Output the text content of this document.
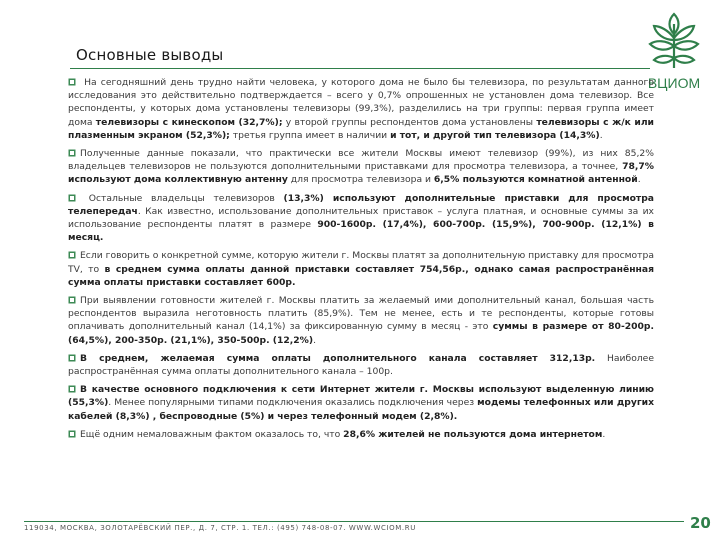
Основные выводы
ВЦИОМ

На сегодняшний день трудно найти человека, у которого дома не было бы телевизора, по результатам данного исследования это действительно подтверждается – всего у 0,7% опрошенных не установлен дома телевизор. Все респонденты, у которых дома установлены телевизоры (99,3%), разделились на три группы: первая группа имеет дома телевизоры с кинескопом (32,7%); у второй группы респондентов дома установлены телевизоры с ж/к или плазменным экраном (52,3%); третья группа имеет в наличии и тот, и другой тип телевизора (14,3%).

Полученные данные показали, что практически все жители Москвы имеют телевизор (99%), из них 85,2% владельцев телевизоров не пользуются дополнительными приставками для просмотра телевизора, а точнее, 78,7% используют дома коллективную антенну для просмотра телевизора и 6,5% пользуются комнатной антенной.

Остальные владельцы телевизоров (13,3%) используют дополнительные приставки для просмотра телепередач. Как известно, использование дополнительных приставок – услуга платная, и основные суммы за их использование респонденты платят в размере 900-1600р. (17,4%), 600-700р. (15,9%), 700-900р. (12,1%) в месяц.

Если говорить о конкретной сумме, которую жители г. Москвы платят за дополнительную приставку для просмотра TV, то в среднем сумма оплаты данной приставки составляет 754,56р., однако самая распространённая сумма оплаты приставки составляет 600р.

При выявлении готовности жителей г. Москвы платить за желаемый ими дополнительный канал, большая часть респондентов выразила неготовность платить (85,9%). Тем не менее, есть и те респонденты, которые готовы оплачивать дополнительный канал (14,1%) за фиксированную сумму в месяц - это суммы в размере от 80-200р. (64,5%), 200-350р. (21,1%), 350-500р. (12,2%).

В среднем, желаемая сумма оплаты дополнительного канала составляет 312,13р. Наиболее распространённая сумма оплаты дополнительного канала – 100р.

В качестве основного подключения к сети Интернет жители г. Москвы используют выделенную линию (55,3%). Менее популярными типами подключения оказались подключения через модемы телефонных или других кабелей (8,3%) , беспроводные (5%) и через телефонный модем (2,8%).

Ещё одним немаловажным фактом оказалось то, что 28,6% жителей не пользуются дома интернетом.

119034, МОСКВА, ЗОЛОТАРЁВСКИЙ ПЕР., Д. 7, СТР. 1. ТЕЛ.: (495) 748-08-07. WWW.WCIOM.RU	20
